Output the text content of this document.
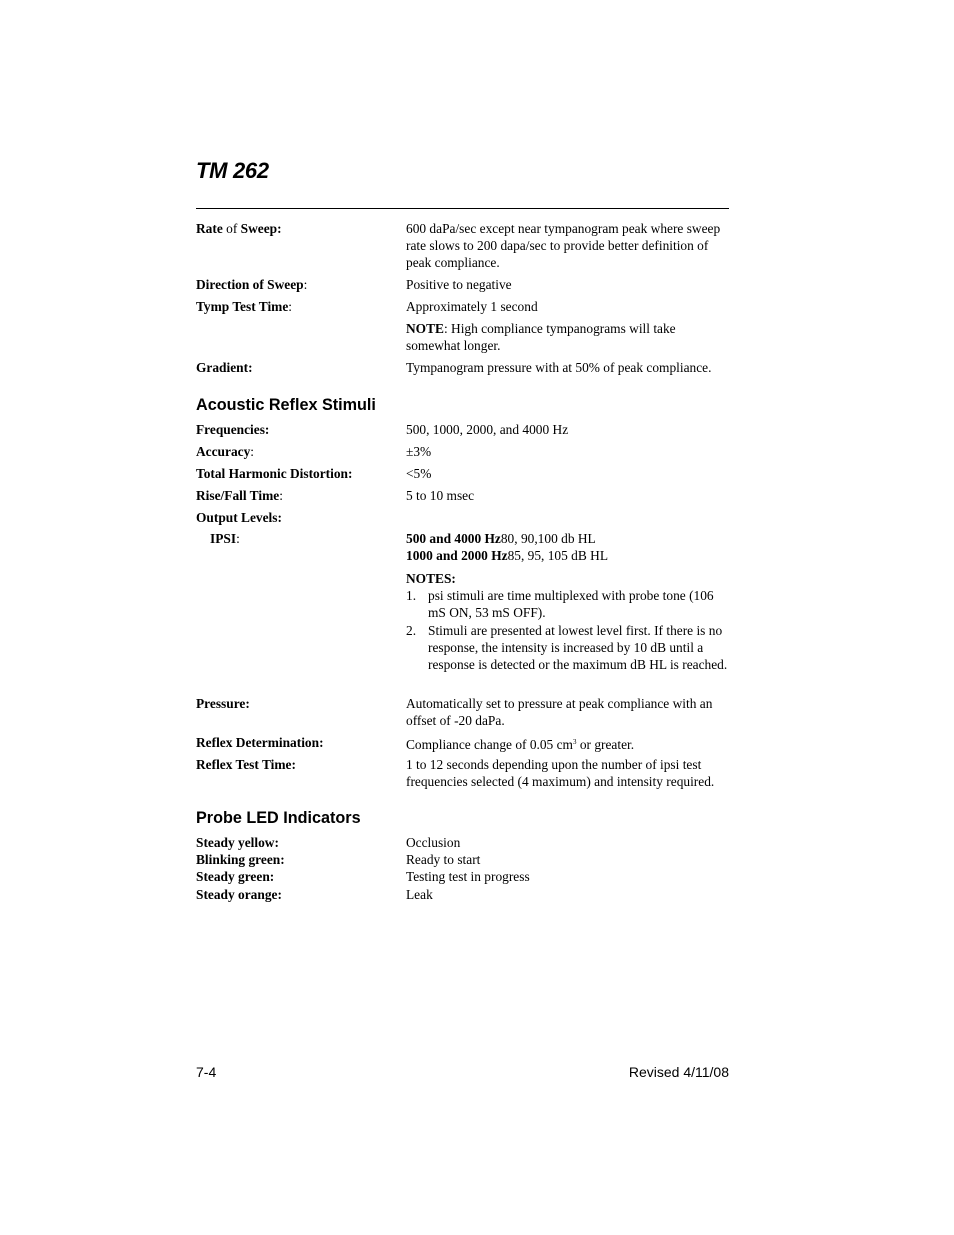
TM 262
Rate of Sweep:	600 daPa/sec except near tympanogram peak where sweep rate slows to 200 dapa/sec to provide better definition of peak compliance.
Direction of Sweep:	Positive to negative
Tymp Test Time:	Approximately 1 second
NOTE: High compliance tympanograms will take somewhat longer.
Gradient:	Tympanogram pressure with at 50% of peak compliance.
Acoustic Reflex Stimuli
Frequencies:	500, 1000, 2000, and 4000 Hz
Accuracy:	±3%
Total Harmonic Distortion:	<5%
Rise/Fall Time:	5 to 10 msec
Output Levels:
IPSI:	500 and 4000 Hz80, 90,100 db HL
1000 and 2000 Hz85, 95, 105 dB HL
NOTES:
1. psi stimuli are time multiplexed with probe tone (106 mS ON, 53 mS OFF).
2. Stimuli are presented at lowest level first. If there is no response, the intensity is increased by 10 dB until a response is detected or the maximum dB HL is reached.
Pressure:	Automatically set to pressure at peak compliance with an offset of -20 daPa.
Reflex Determination:	Compliance change of 0.05 $cm^3$ or greater.
Reflex Test Time:	1 to 12 seconds depending upon the number of ipsi test frequencies selected (4 maximum) and intensity required.
Probe LED Indicators
Steady yellow:	Occlusion
Blinking green:	Ready to start
Steady green:	Testing test in progress
Steady orange:	Leak
7-4	Revised 4/11/08
